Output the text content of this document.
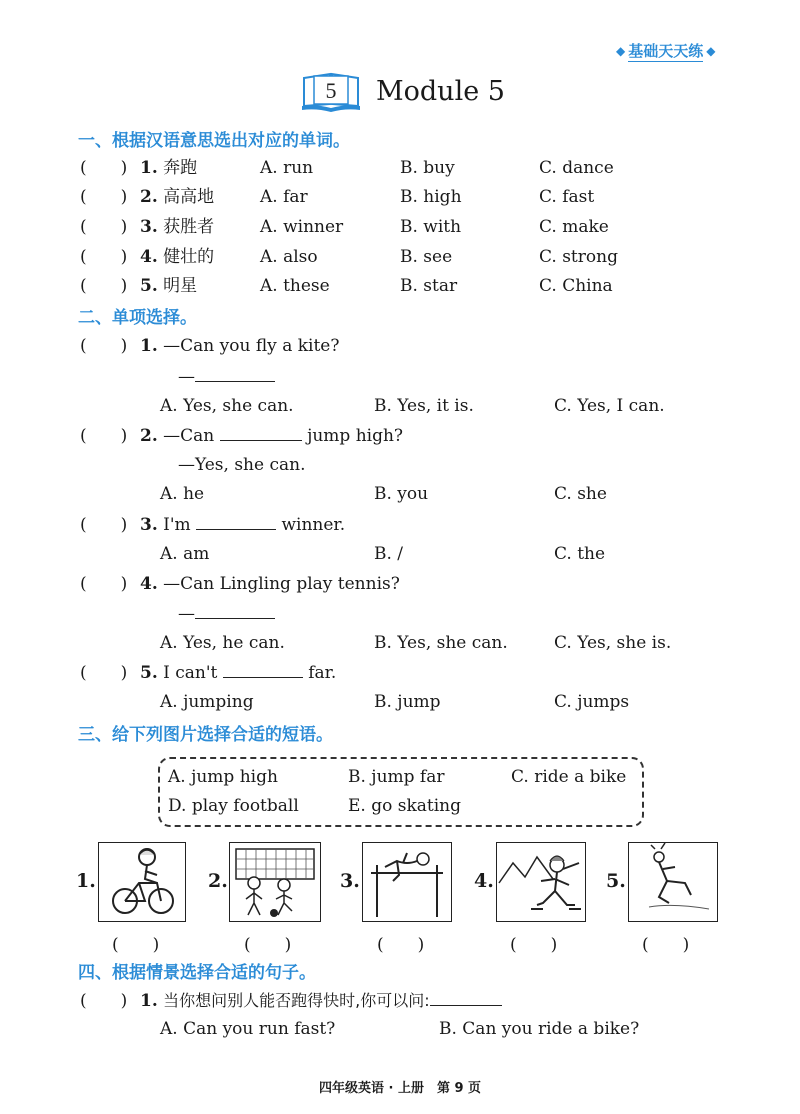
◆ 基础天天练 ◆
5 Module 5
一、根据汉语意思选出对应的单词。
(　　) 1. 奔跑	A. run	B. buy	C. dance
(　　) 2. 高高地	A. far	B. high	C. fast
(　　) 3. 获胜者	A. winner	B. with	C. make
(　　) 4. 健壮的	A. also	B. see	C. strong
(　　) 5. 明星	A. these	B. star	C. China
二、单项选择。
(　　) 1. —Can you fly a kite?
—
A. Yes, she can.	B. Yes, it is.	C. Yes, I can.
(　　) 2. —Can	jump high?
—Yes, she can.
A. he	B. you	C. she
(　　) 3. I'm	winner.
A. am	B. /	C. the
(　　) 4. —Can Lingling play tennis?
—
A. Yes, he can.	B. Yes, she can.	C. Yes, she is.
(　　) 5. I can't	far.
A. jumping	B. jump	C. jumps
三、给下列图片选择合适的短语。
A. jump high	B. jump far	C. ride a bike
D. play football	E. go skating
1.
(　　)
2.
(　　)
3.
(　　)
4.
(　　)
5.
(　　)
四、根据情景选择合适的句子。
(　　) 1. 当你想问别人能否跑得快时,你可以问:
A. Can you run fast?	B. Can you ride a bike?
四年级英语 · 上册　第 9 页
